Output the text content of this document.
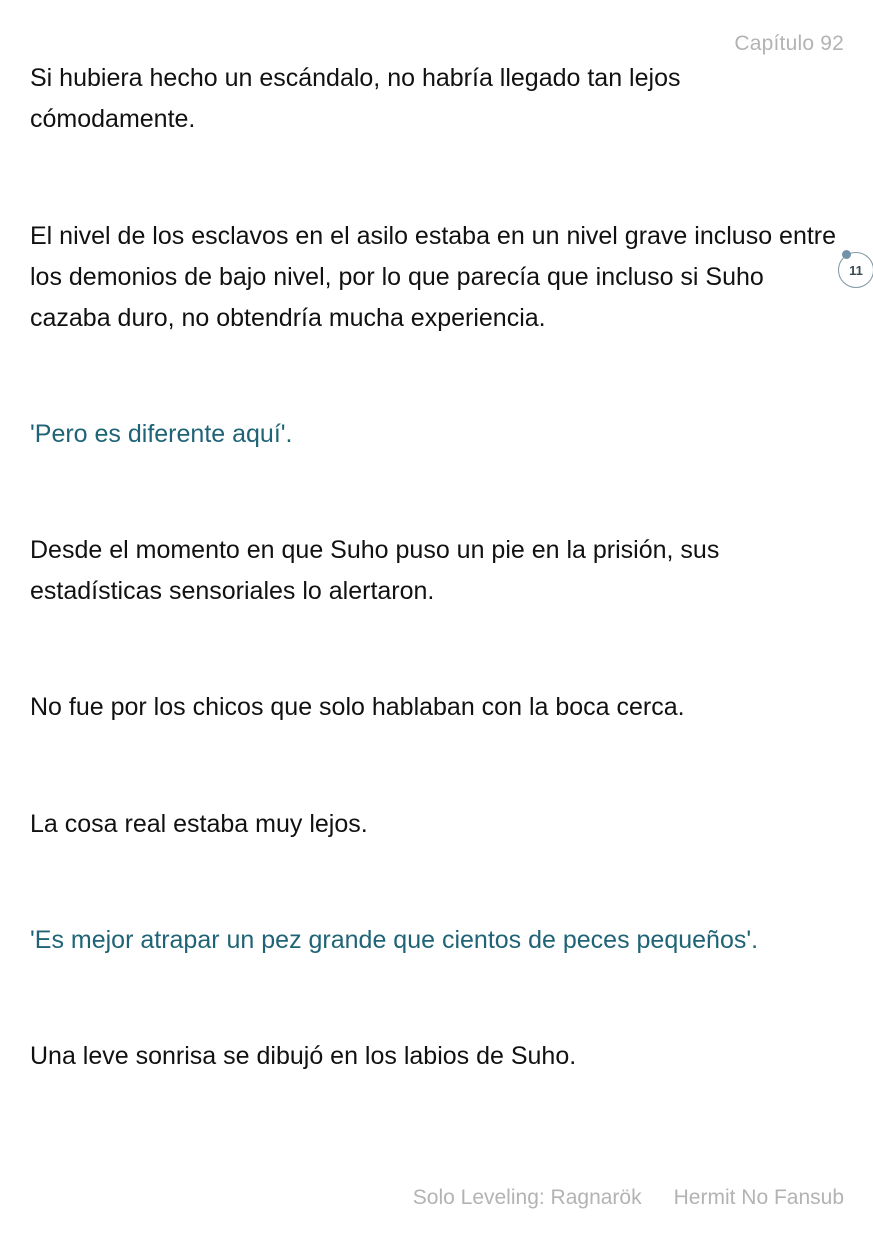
Capítulo 92

Si hubiera hecho un escándalo, no habría llegado tan lejos cómodamente.

El nivel de los esclavos en el asilo estaba en un nivel grave incluso entre los demonios de bajo nivel, por lo que parecía que incluso si Suho cazaba duro, no obtendría mucha experiencia.

'Pero es diferente aquí'.

Desde el momento en que Suho puso un pie en la prisión, sus estadísticas sensoriales lo alertaron.

No fue por los chicos que solo hablaban con la boca cerca.

La cosa real estaba muy lejos.

'Es mejor atrapar un pez grande que cientos de peces pequeños'.

Una leve sonrisa se dibujó en los labios de Suho.

11
Solo Leveling: Ragnarök Hermit No Fansub
